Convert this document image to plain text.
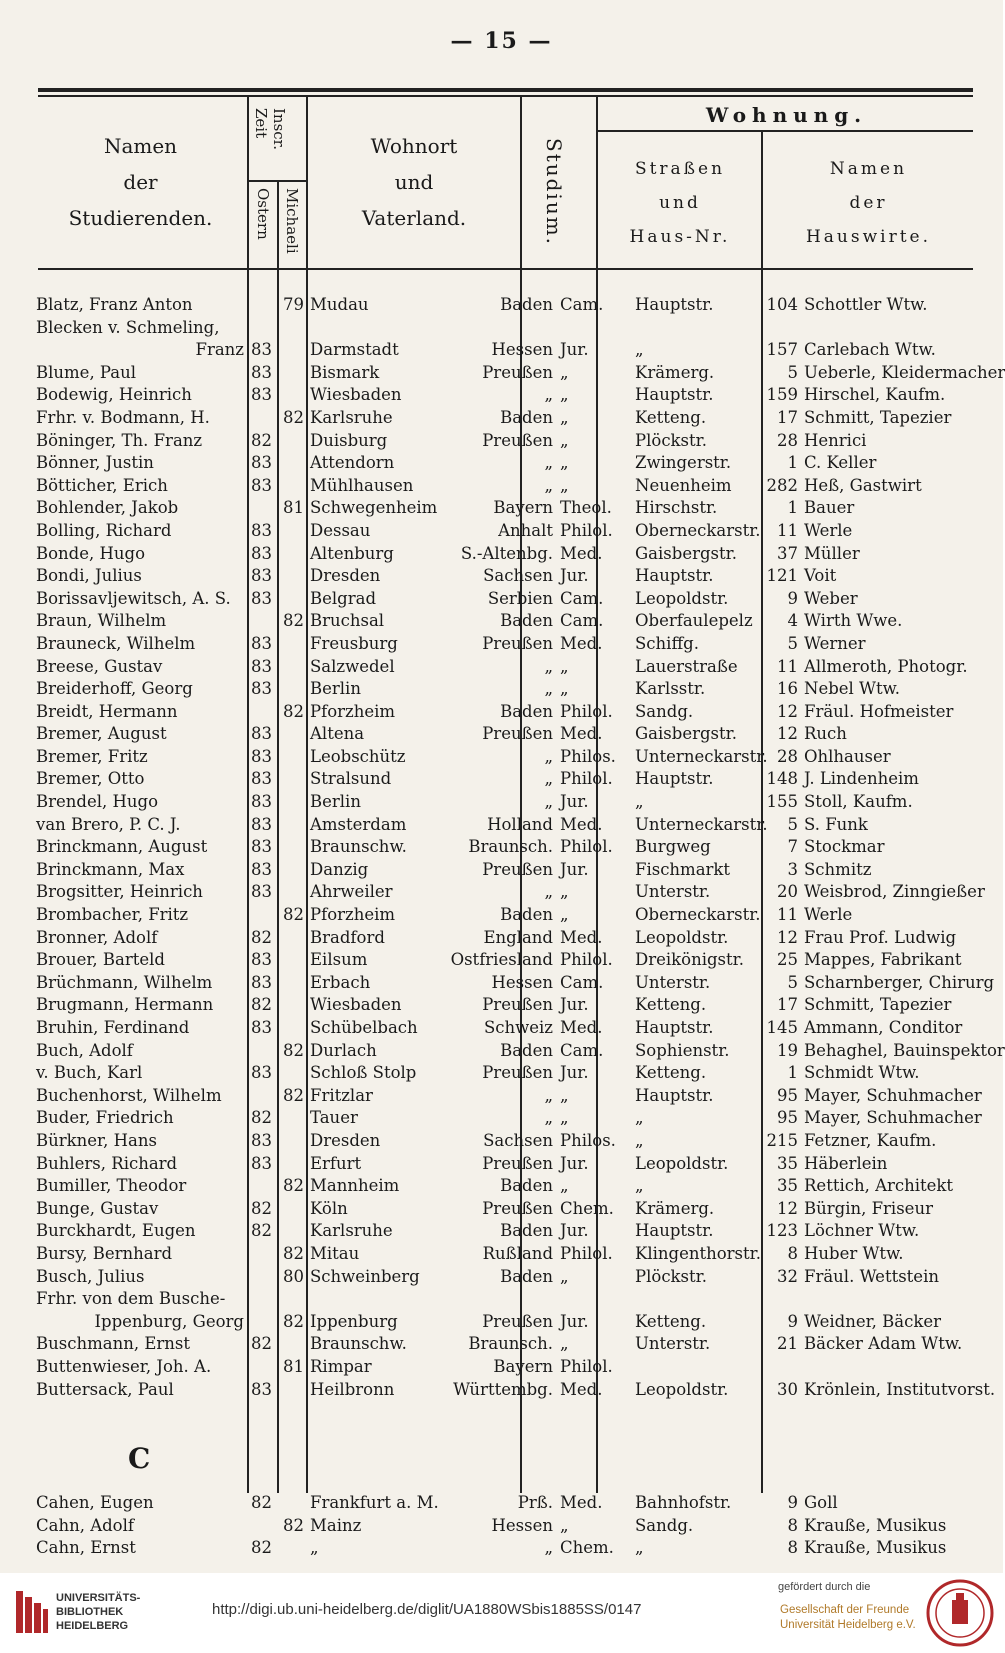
— 15 —
Namen
der
Studierenden.
Inscr. Zeit
Ostern Michaeli
Wohnort
und
Vaterland.	Studium.
Wohnung.
Straßen
und
Haus-Nr.
Namen
der
Hauswirte.
Blatz, Franz Anton	79 Mudau	Baden Cam.	Hauptstr.	104 Schottler Wtw.
Blecken v. Schmeling,
Franz 83 Darmstadt	Hessen Jur.	„	157 Carlebach Wtw.
Blume, Paul	83 Bismark	Preußen „	Krämerg.	5 Ueberle, Kleidermacher
Bodewig, Heinrich	83 Wiesbaden	„ „	Hauptstr.	159 Hirschel, Kaufm.
Frhr. v. Bodmann, H.	82 Karlsruhe	Baden „	Ketteng.	17 Schmitt, Tapezier
Böninger, Th. Franz	82 Duisburg	Preußen „	Plöckstr.	28 Henrici
Bönner, Justin	83 Attendorn	„ „	Zwingerstr.	1 C. Keller
Bötticher, Erich	83 Mühlhausen	„ „	Neuenheim	282 Heß, Gastwirt
Bohlender, Jakob	81 Schwegenheim	Bayern Theol.	Hirschstr.	1 Bauer
Bolling, Richard	83 Dessau	Anhalt Philol.	Oberneckarstr. 11 Werle
Bonde, Hugo	83 Altenburg	S.-Altenbg. Med.	Gaisbergstr.	37 Müller
Bondi, Julius	83 Dresden	Sachsen Jur.	Hauptstr.	121 Voit
Borissavljewitsch, A. S.	83 Belgrad	Serbien Cam.	Leopoldstr.	9 Weber
Braun, Wilhelm	82 Bruchsal	Baden Cam.	Oberfaulepelz	4 Wirth Wwe.
Brauneck, Wilhelm	83 Freusburg	Preußen Med.	Schiffg.	5 Werner
Breese, Gustav	83 Salzwedel	„ „	Lauerstraße	11 Allmeroth, Photogr.
Breiderhoff, Georg	83 Berlin	„ „	Karlsstr.	16 Nebel Wtw.
Breidt, Hermann	82 Pforzheim	Baden Philol.	Sandg.	12 Fräul. Hofmeister
Bremer, August	83 Altena	Preußen Med.	Gaisbergstr.	12 Ruch
Bremer, Fritz	83 Leobschütz	„ Philos.	Unterneckarstr. 28 Ohlhauser
Bremer, Otto	83 Stralsund	„ Philol.	Hauptstr.	148 J. Lindenheim
Brendel, Hugo	83 Berlin	„ Jur.	„	155 Stoll, Kaufm.
van Brero, P. C. J.	83 Amsterdam	Holland Med.	Unterneckarstr.	5 S. Funk
Brinckmann, August	83 Braunschw.	Braunsch. Philol.	Burgweg	7 Stockmar
Brinckmann, Max	83 Danzig	Preußen Jur.	Fischmarkt	3 Schmitz
Brogsitter, Heinrich	83 Ahrweiler	„ „	Unterstr.	20 Weisbrod, Zinngießer
Brombacher, Fritz	82 Pforzheim	Baden „	Oberneckarstr. 11 Werle
Bronner, Adolf	82 Bradford	England Med.	Leopoldstr.	12 Frau Prof. Ludwig
Brouer, Barteld	83 Eilsum	Ostfriesland Philol.	Dreikönigstr.	25 Mappes, Fabrikant
Brüchmann, Wilhelm	83 Erbach	Hessen Cam.	Unterstr.	5 Scharnberger, Chirurg
Brugmann, Hermann	82 Wiesbaden	Preußen Jur.	Ketteng.	17 Schmitt, Tapezier
Bruhin, Ferdinand	83 Schübelbach	Schweiz Med.	Hauptstr.	145 Ammann, Conditor
Buch, Adolf	82 Durlach	Baden Cam.	Sophienstr.	19 Behaghel, Bauinspektor
v. Buch, Karl	83 Schloß Stolp	Preußen Jur.	Ketteng.	1 Schmidt Wtw.
Buchenhorst, Wilhelm	82 Fritzlar	„ „	Hauptstr.	95 Mayer, Schuhmacher
Buder, Friedrich	82 Tauer	„ „	„	95 Mayer, Schuhmacher
Bürkner, Hans	83 Dresden	Sachsen Philos.	„	215 Fetzner, Kaufm.
Buhlers, Richard	83 Erfurt	Preußen Jur.	Leopoldstr.	35 Häberlein
Bumiller, Theodor	82 Mannheim	Baden „	„	35 Rettich, Architekt
Bunge, Gustav	82 Köln	Preußen Chem.	Krämerg.	12 Bürgin, Friseur
Burckhardt, Eugen	82 Karlsruhe	Baden Jur.	Hauptstr.	123 Löchner Wtw.
Bursy, Bernhard	82 Mitau	Rußland Philol.	Klingenthorstr.	8 Huber Wtw.
Busch, Julius	80 Schweinberg	Baden „	Plöckstr.	32 Fräul. Wettstein
Frhr. von dem Busche-
Ippenburg, Georg	82 Ippenburg	Preußen Jur.	Ketteng.	9 Weidner, Bäcker
Buschmann, Ernst	82 Braunschw.	Braunsch. „	Unterstr.	21 Bäcker Adam Wtw.
Buttenwieser, Joh. A.	81 Rimpar	Bayern Philol.
Buttersack, Paul	83 Heilbronn	Württembg. Med.	Leopoldstr.	30 Krönlein, Institutvorst.
C
Cahen, Eugen	82 Frankfurt a. M.	Prß. Med.	Bahnhofstr.	9 Goll
Cahn, Adolf	82 Mainz	Hessen „	Sandg.	8 Krauße, Musikus
Cahn, Ernst	82 „	„ Chem.	„	8 Krauße, Musikus
UNIVERSITÄTS-
BIBLIOTHEK
HEIDELBERG
http://digi.ub.uni-heidelberg.de/diglit/UA1880WSbis1885SS/0147
gefördert durch die
Gesellschaft der Freunde
Universität Heidelberg e.V.
